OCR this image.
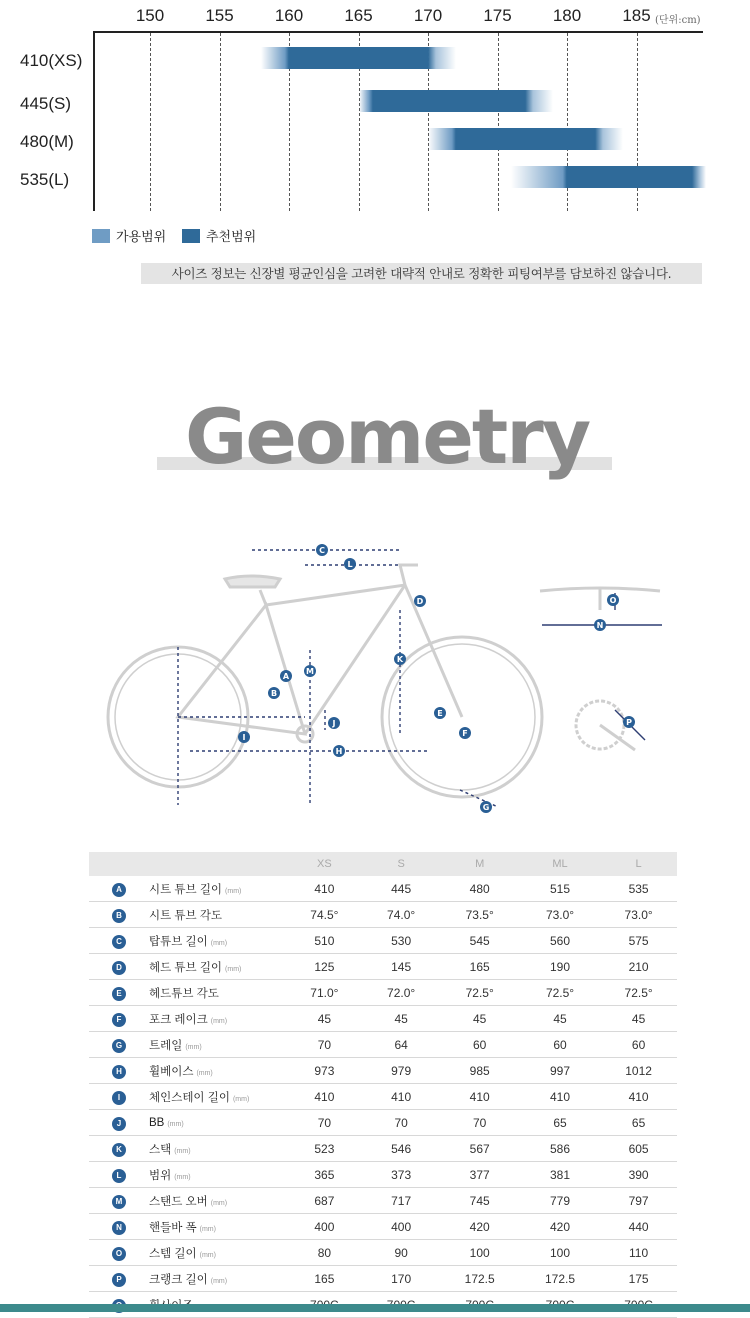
(단위:cm)
150 155 160 165 170 175 180 185
410(XS)
445(S)
480(M)
535(L)
가용범위	추천범위
사이즈 정보는 신장별 평균인심을 고려한 대략적 안내로 정확한 피팅여부를 담보하진 않습니다.
Geometry
A
B
C
D
E
F
G
H
I
J
K
L
M
N
O
P
		XS	S	M	ML	L
A	시트 튜브 길이 (mm)	410	445	480	515	535
B	시트 튜브 각도	74.5°	74.0°	73.5°	73.0°	73.0°
C	탑튜브 길이 (mm)	510	530	545	560	575
D	헤드 튜브 길이 (mm)	125	145	165	190	210
E	헤드튜브 각도	71.0°	72.0°	72.5°	72.5°	72.5°
F	포크 레이크 (mm)	45	45	45	45	45
G	트레일 (mm)	70	64	60	60	60
H	휠베이스 (mm)	973	979	985	997	1012
I	체인스테이 길이 (mm)	410	410	410	410	410
J	BB (mm)	70	70	70	65	65
K	스택 (mm)	523	546	567	586	605
L	범위 (mm)	365	373	377	381	390
M	스탠드 오버 (mm)	687	717	745	779	797
N	핸들바 폭 (mm)	400	400	420	420	440
O	스템 길이 (mm)	80	90	100	100	110
P	크랭크 길이 (mm)	165	170	172.5	172.5	175
